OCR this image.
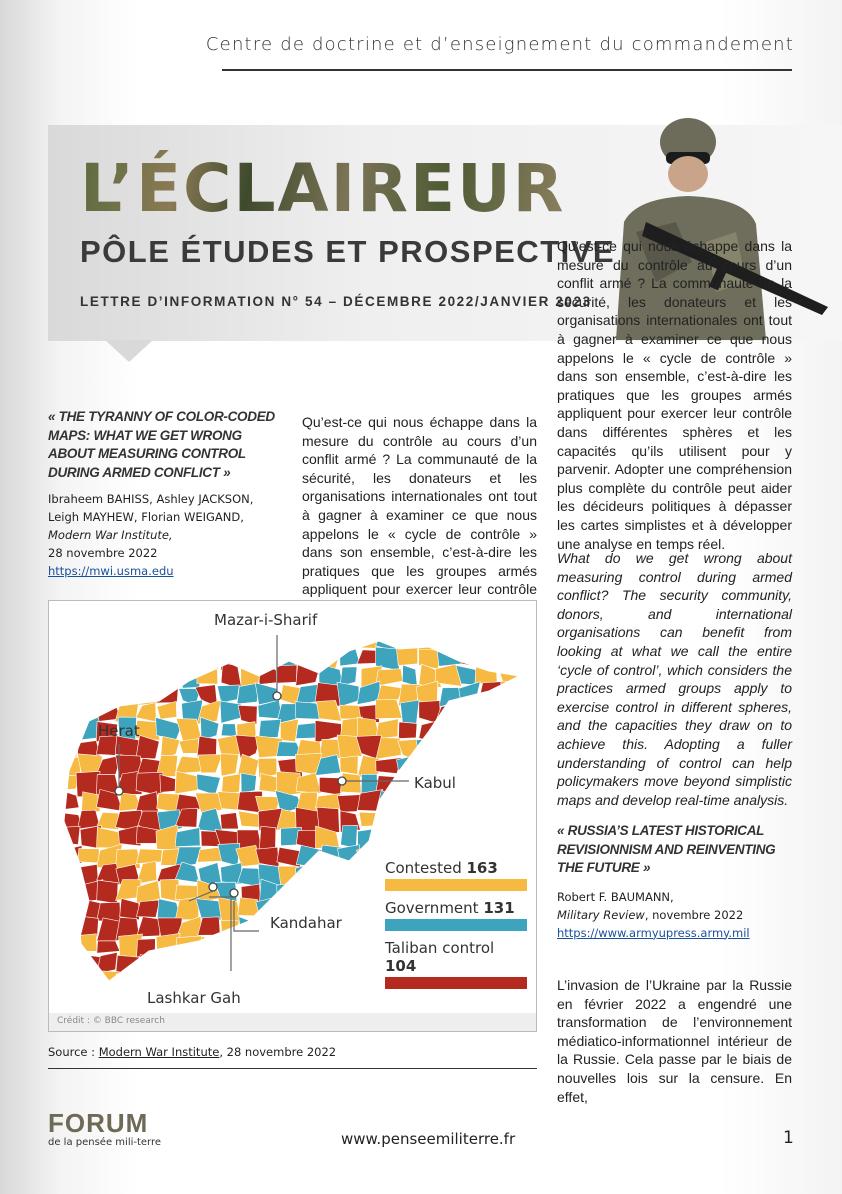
Centre de doctrine et d’enseignement du commandement
L’ÉCLAIREUR
PÔLE ÉTUDES ET PROSPECTIVE
LETTRE D’INFORMATION N° 54 – DÉCEMBRE 2022/JANVIER 2023
« THE TYRANNY OF COLOR-CODED MAPS: WHAT WE GET WRONG ABOUT MEASURING CONTROL DURING ARMED CONFLICT »
Ibraheem BAHISS, Ashley JACKSON, Leigh MAYHEW, Florian WEIGAND,
Modern War Institute,
28 novembre 2022
https://mwi.usma.edu
Qu’est-ce qui nous échappe dans la mesure du contrôle au cours d’un conflit armé ? La communauté de la sécurité, les donateurs et les organisations internationales ont tout à gagner à examiner ce que nous appelons le « cycle de contrôle » dans son ensemble, c’est-à-dire les pratiques que les groupes armés appliquent pour exercer leur contrôle
Qu’est-ce qui nous échappe dans la mesure du contrôle au cours d’un conflit armé ? La communauté de la sécurité, les donateurs et les organisations internationales ont tout à gagner à examiner ce que nous appelons le « cycle de contrôle » dans son ensemble, c’est-à-dire les pratiques que les groupes armés appliquent pour exercer leur contrôle dans différentes sphères et les capacités qu’ils utilisent pour y parvenir. Adopter une compréhension plus complète du contrôle peut aider les décideurs politiques à dépasser les cartes simplistes et à développer une analyse en temps réel.
What do we get wrong about measuring control during armed conflict? The security community, donors, and international organisations can benefit from looking at what we call the entire ‘cycle of control’, which considers the practices armed groups apply to exercise control in different spheres, and the capacities they draw on to achieve this. Adopting a fuller understanding of control can help policymakers move beyond simplistic maps and develop real-time analysis.
Mazar-i-Sharif
Herat
Kabul
Kandahar
Lashkar Gah
Contested 163
Government 131
Taliban control 104
Crédit : © BBC research
Source : Modern War Institute, 28 novembre 2022
« RUSSIA’S LATEST HISTORICAL REVISIONNISM AND REINVENTING THE FUTURE »
Robert F. BAUMANN,
Military Review, novembre 2022
https://www.armyupress.army.mil
L’invasion de l’Ukraine par la Russie en février 2022 a engendré une transformation de l’environnement médiatico-informationnel intérieur de la Russie. Cela passe par le biais de nouvelles lois sur la censure. En effet,
FORUM
de la pensée mili-terre	www.penseemiliterre.fr	1
